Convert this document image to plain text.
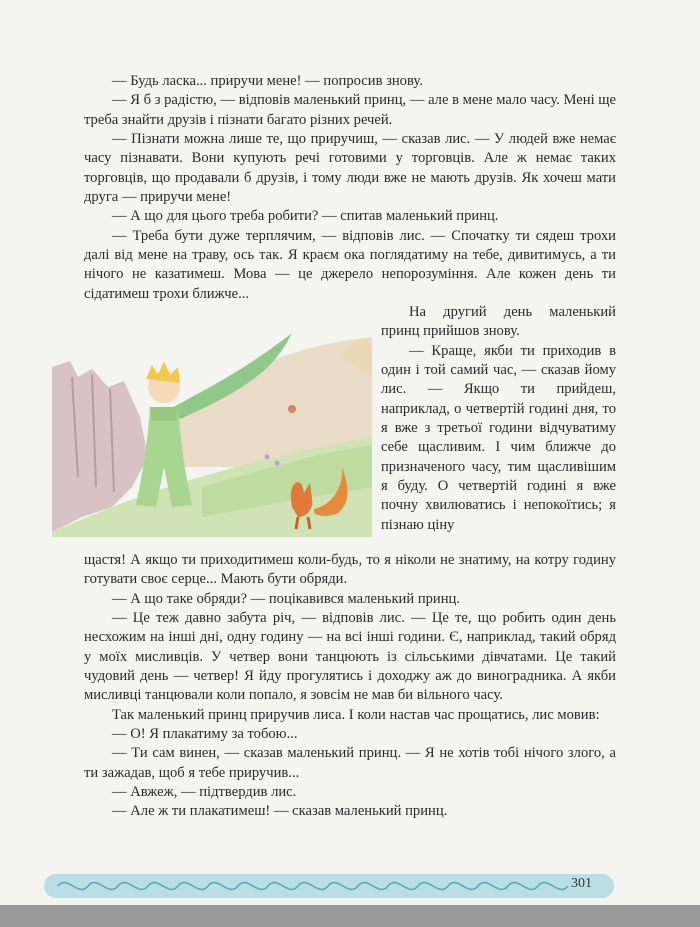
— Будь ласка... приручи мене! — попросив знову.

— Я б з радістю, — відповів маленький принц, — але в мене мало часу. Мені ще треба знайти друзів і пізнати багато різних речей.

— Пізнати можна лише те, що приручиш, — сказав лис. — У людей вже немає часу пізнавати. Вони купують речі готовими у торговців. Але ж немає таких торговців, що продавали б друзів, і тому люди вже не мають друзів. Як хочеш мати друга — приручи мене!

— А що для цього треба робити? — спитав маленький принц.

— Треба бути дуже терплячим, — відповів лис. — Спочатку ти сядеш трохи далі від мене на траву, ось так. Я краєм ока поглядатиму на тебе, дивитимусь, а ти нічого не казатимеш. Мова — це джерело непорозуміння. Але кожен день ти сідатимеш трохи ближче...

На другий день маленький принц прийшов знову.

— Краще, якби ти приходив в один і той самий час, — сказав йому лис. — Якщо ти прийдеш, наприклад, о четвертій годині дня, то я вже з третьої години відчуватиму себе щасливим. І чим ближче до призначеного часу, тим щасливішим я буду. О четвертій годині я вже почну хвилюватись і непокоїтись; я пізнаю ціну

щастя! А якщо ти приходитимеш коли-будь, то я ніколи не знатиму, на котру годину готувати своє серце... Мають бути обряди.

— А що таке обряди? — поцікавився маленький принц.

— Це теж давно забута річ, — відповів лис. — Це те, що робить один день несхожим на інші дні, одну годину — на всі інші години. Є, наприклад, такий обряд у моїх мисливців. У четвер вони танцюють із сільськими дівчатами. Це такий чудовий день — четвер! Я йду прогулятись і доходжу аж до виноградника. А якби мисливці танцювали коли попало, я зовсім не мав би вільного часу.

Так маленький принц приручив лиса. І коли настав час прощатись, лис мовив:

— О! Я плакатиму за тобою...

— Ти сам винен, — сказав маленький принц. — Я не хотів тобі нічого злого, а ти зажадав, щоб я тебе приручив...

— Авжеж, — підтвердив лис.

— Але ж ти плакатимеш! — сказав маленький принц.

301
